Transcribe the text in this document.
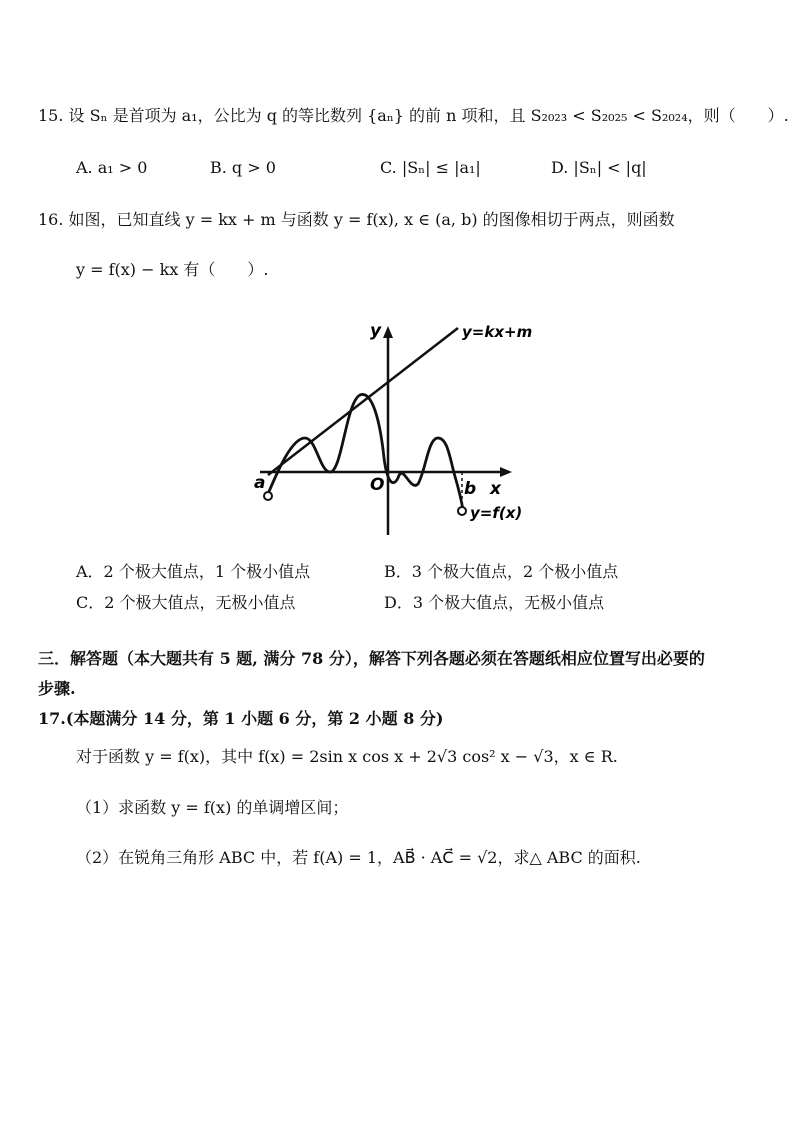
15. 设 Sₙ 是首项为 a₁，公比为 q 的等比数列 {aₙ} 的前 n 项和，且 S₂₀₂₃ < S₂₀₂₅ < S₂₀₂₄，则（　　）.
A. a₁ > 0	B. q > 0	C. |Sₙ| ≤ |a₁|	D. |Sₙ| < |q|
16. 如图，已知直线 y = kx + m 与函数 y = f(x), x ∈ (a, b) 的图像相切于两点，则函数
y = f(x) − kx 有（　　）.
y
x
y=kx+m
a	O	b
y=f(x)
A．2 个极大值点，1 个极小值点	B．3 个极大值点，2 个极小值点
C．2 个极大值点，无极小值点	D．3 个极大值点，无极小值点
三．解答题（本大题共有 5 题, 满分 78 分），解答下列各题必须在答题纸相应位置写出必要的
步骤.
17.(本题满分 14 分，第 1 小题 6 分，第 2 小题 8 分)
对于函数 y = f(x)，其中 f(x) = 2sin x cos x + 2√3 cos² x − √3，x ∈ R.
（1）求函数 y = f(x) 的单调增区间；
（2）在锐角三角形 ABC 中，若 f(A) = 1，AB⃗ · AC⃗ = √2，求△ ABC 的面积.
